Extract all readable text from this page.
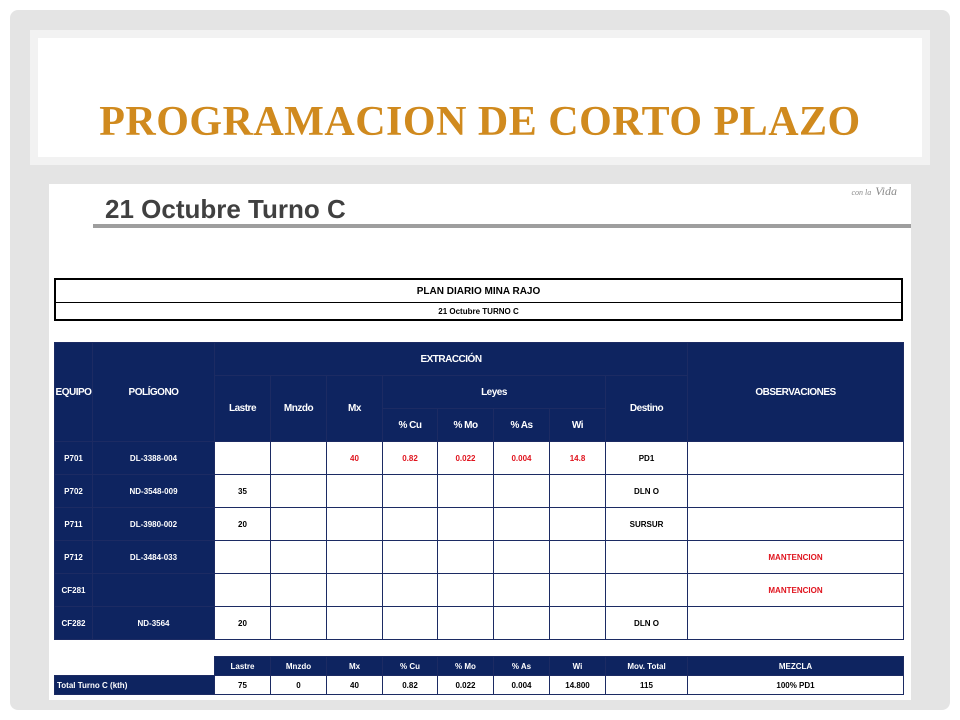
PROGRAMACION DE CORTO PLAZO
con la Vida
21 Octubre Turno C
PLAN DIARIO MINA RAJO
21 Octubre TURNO C
EQUIPO	POLÍGONO	EXTRACCIÓN								OBSERVACIONES
		Lastre	Mnzdo	Mx	Leyes				Destino	
					% Cu	% Mo	% As	Wi		
P701	DL-3388-004			40	0.82	0.022	0.004	14.8	PD1	
P702	ND-3548-009	35							DLN O	
P711	DL-3980-002	20							SURSUR	
P712	DL-3484-033									MANTENCION
CF281										MANTENCION
CF282	ND-3564	20							DLN O	
	Lastre	Mnzdo	Mx	% Cu	% Mo	% As	Wi	Mov. Total	MEZCLA
Total Turno C (kth)	75	0	40	0.82	0.022	0.004	14.800	115	100% PD1
